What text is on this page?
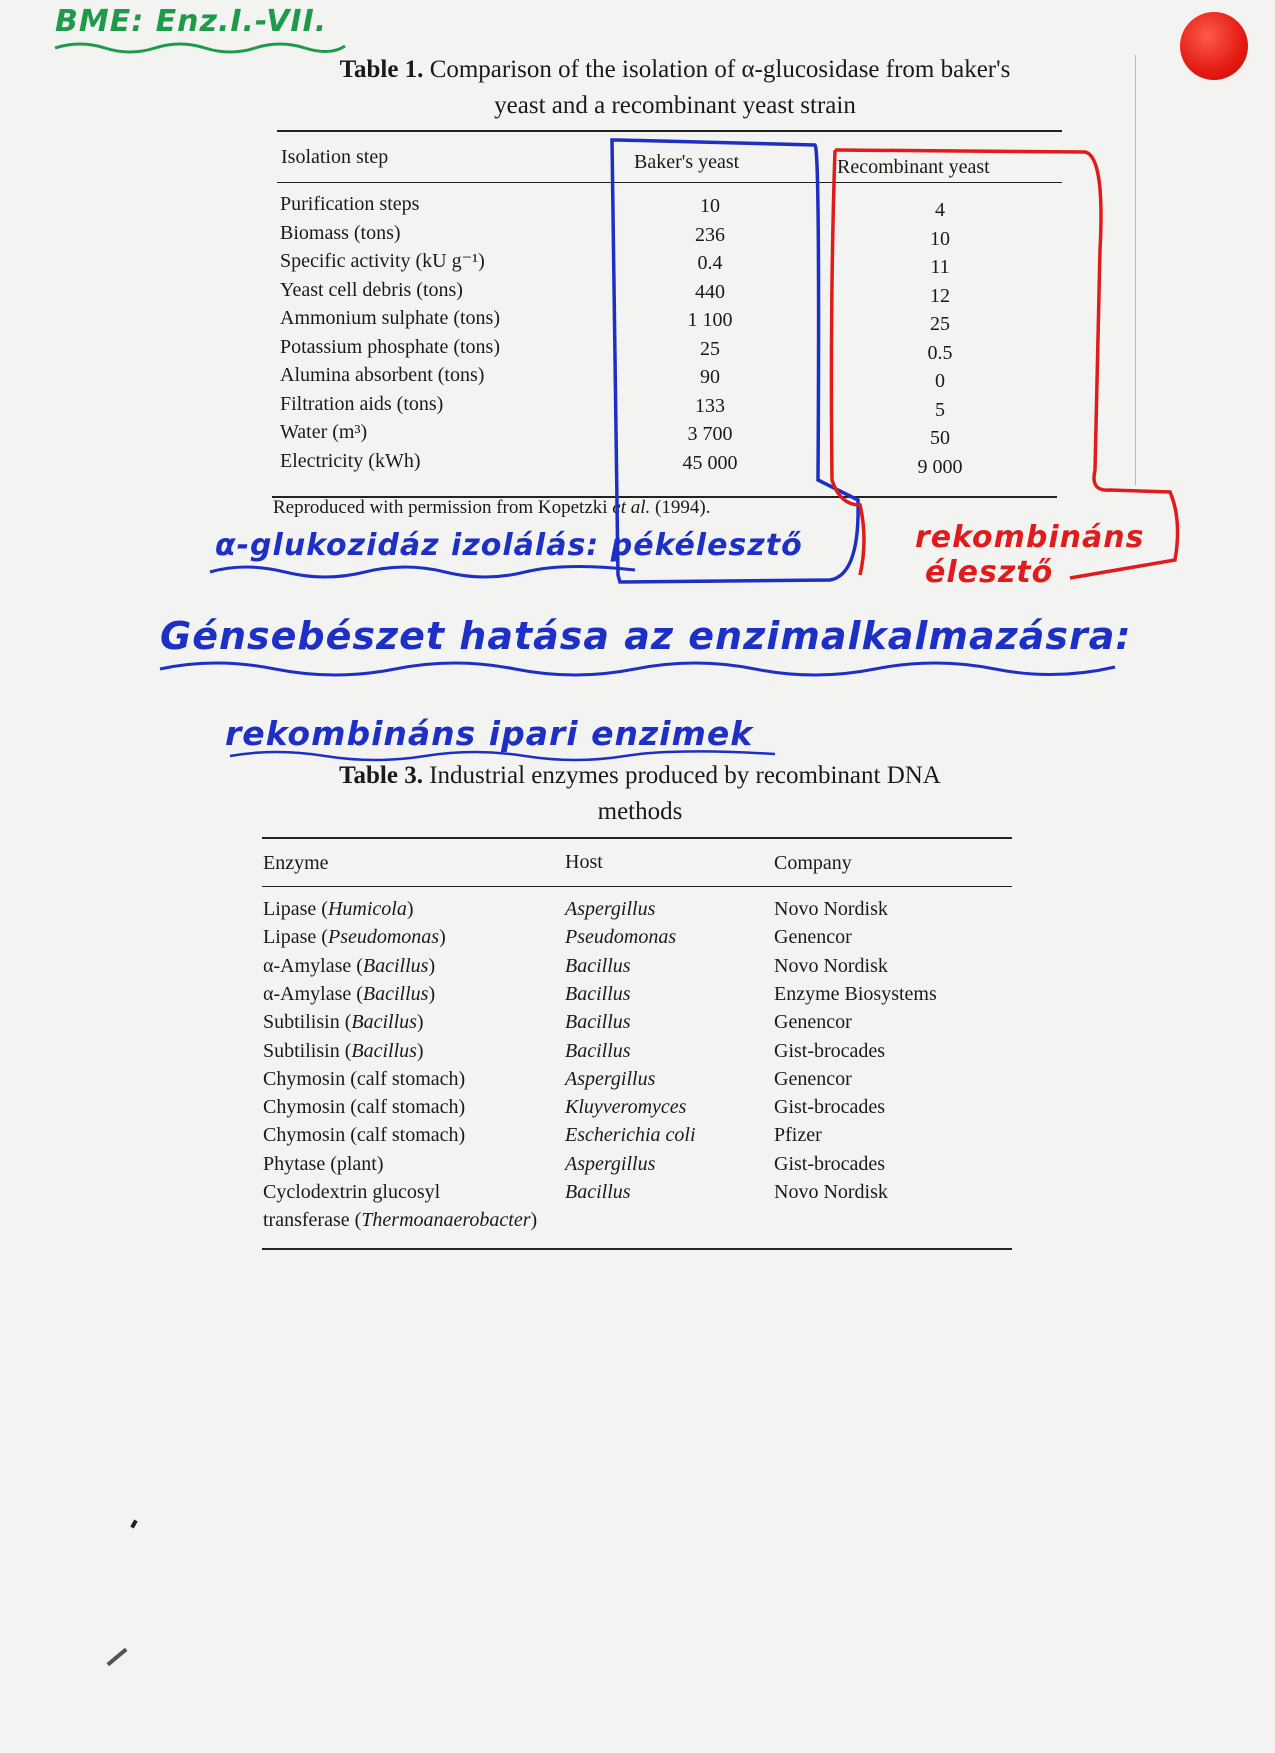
BME: Enz.I.-VII.
Table 1. Comparison of the isolation of α-glucosidase from baker's
yeast and a recombinant yeast strain
Isolation step	Baker's yeast	Recombinant yeast
Purification steps	10	4
Biomass (tons)	236	10
Specific activity (kU g⁻¹)	0.4	11
Yeast cell debris (tons)	440	12
Ammonium sulphate (tons)	1 100	25
Potassium phosphate (tons)	25	0.5
Alumina absorbent (tons)	90	0
Filtration aids (tons)	133	5
Water (m³)	3 700	50
Electricity (kWh)	45 000	9 000
Reproduced with permission from Kopetzki et al. (1994).
α-glukozidáz izolálás: pékélesztő	rekombináns
élesztő
Génsebészet hatása az enzimalkalmazásra:
rekombináns ipari enzimek
Table 3. Industrial enzymes produced by recombinant DNA
methods
Enzyme	Host	Company
Lipase (Humicola)	Aspergillus	Novo Nordisk
Lipase (Pseudomonas)	Pseudomonas	Genencor
α-Amylase (Bacillus)	Bacillus	Novo Nordisk
α-Amylase (Bacillus)	Bacillus	Enzyme Biosystems
Subtilisin (Bacillus)	Bacillus	Genencor
Subtilisin (Bacillus)	Bacillus	Gist-brocades
Chymosin (calf stomach)	Aspergillus	Genencor
Chymosin (calf stomach)	Kluyveromyces	Gist-brocades
Chymosin (calf stomach)	Escherichia coli	Pfizer
Phytase (plant)	Aspergillus	Gist-brocades
Cyclodextrin glucosyl	Bacillus	Novo Nordisk
transferase (Thermoanaerobacter)
